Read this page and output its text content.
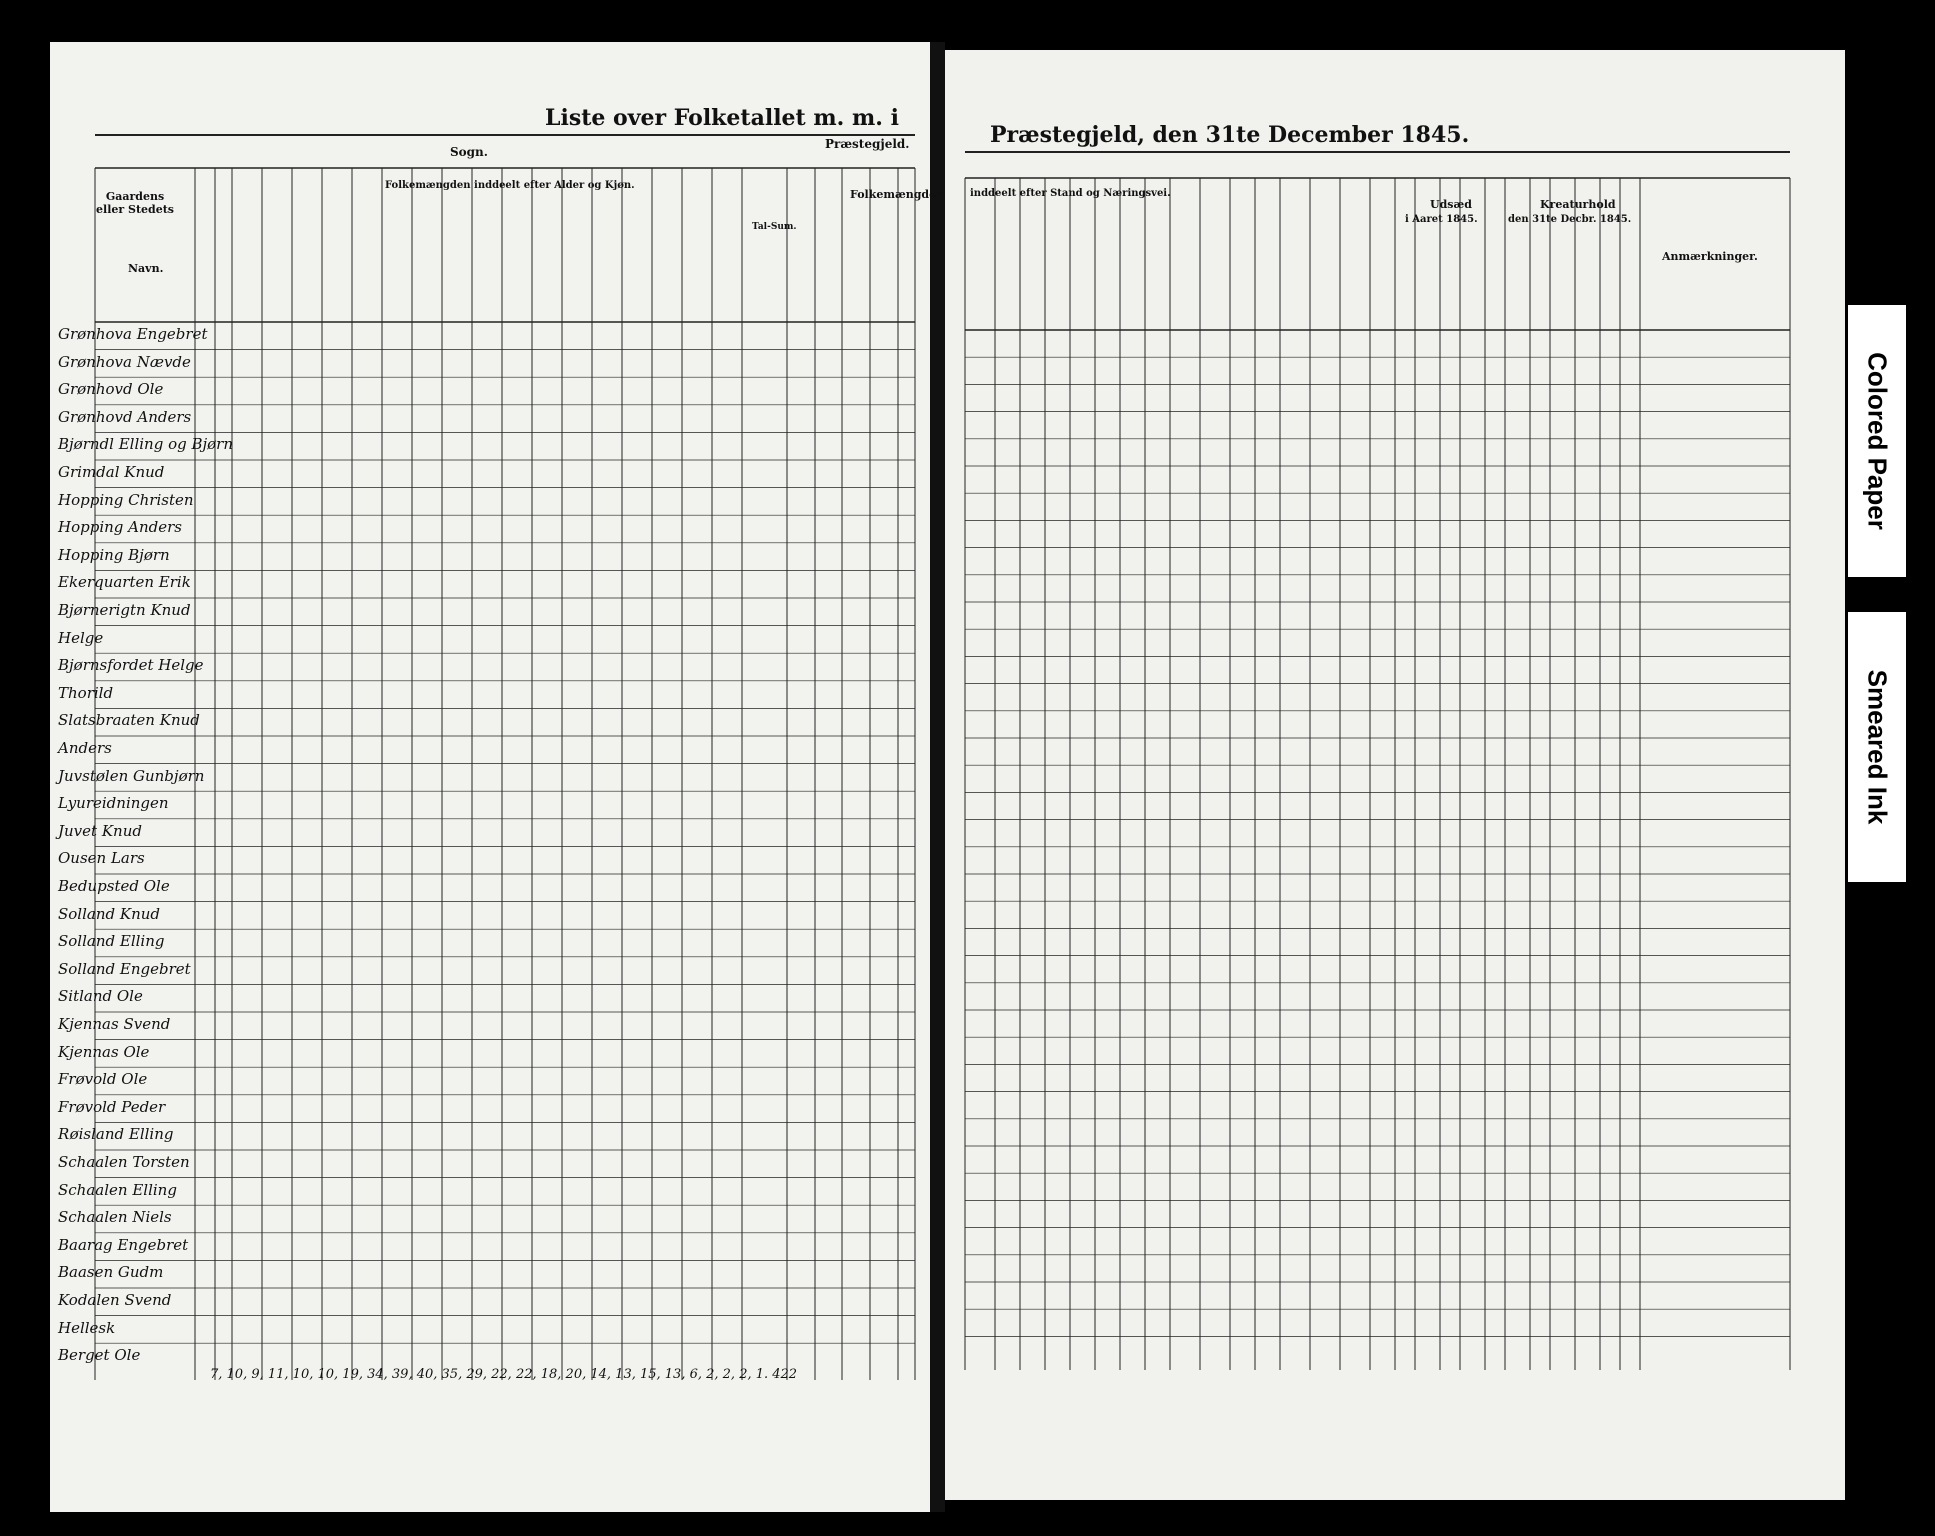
Liste over Folketallet m. m. i
Præstegjeld, den 31te December 1845.
Sogn.
Præstegjeld.
Gaardens eller Stedets
Navn.
Folkemængden inddeelt efter Alder og Kjøn.
Folkemængden
Tal-Sum.
inddeelt efter Stand og Næringsvei.
Udsæd
i Aaret 1845.
Kreaturhold
den 31te Decbr. 1845.
Anmærkninger.
Grønhova Engebret
Grønhova Nævde
Grønhovd Ole
Grønhovd Anders
Bjørndl Elling og Bjørn
Grimdal Knud
Hopping Christen
Hopping Anders
Hopping Bjørn
Ekerquarten Erik
Bjørnerigtn Knud
Helge
Bjørnsfordet Helge
Thorild
Slatsbraaten Knud
Anders
Juvstølen Gunbjørn
Lyureidningen
Juvet Knud
Ousen Lars
Bedupsted Ole
Solland Knud
Solland Elling
Solland Engebret
Sitland Ole
Kjennas Svend
Kjennas Ole
Frøvold Ole
Frøvold Peder
Røisland Elling
Schaalen Torsten
Schaalen Elling
Schaalen Niels
Baarag Engebret
Baasen Gudm
Kodalen Svend
Hellesk
Berget Ole
7, 10, 9, 11, 10, 10, 19, 34, 39, 40, 35, 29, 22, 22, 18, 20, 14, 13, 15, 13, 6, 2, 2, 2, 1. 422
Colored Paper
Smeared Ink
